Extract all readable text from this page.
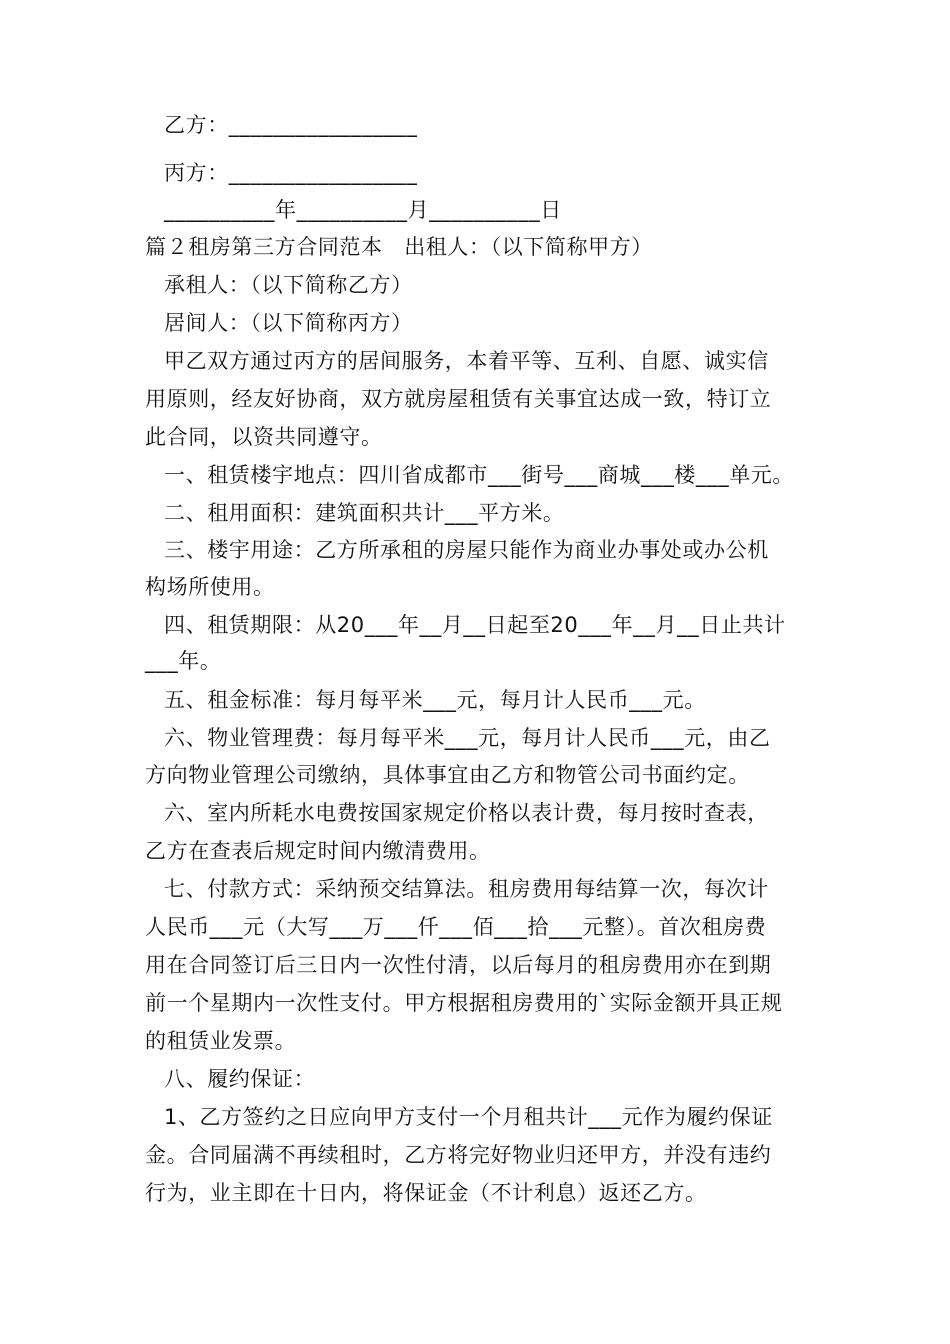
乙方：_________________
丙方：_________________
__________年__________月__________日
篇２租房第三方合同范本　出租人：（以下简称甲方）
承租人：（以下简称乙方）
居间人：（以下简称丙方）
甲乙双方通过丙方的居间服务，本着平等、互利、自愿、诚实信
用原则，经友好协商，双方就房屋租赁有关事宜达成一致，特订立
此合同，以资共同遵守。
一、租赁楼宇地点：四川省成都市___街号___商城___楼___单元。
二、租用面积：建筑面积共计___平方米。
三、楼宇用途：乙方所承租的房屋只能作为商业办事处或办公机
构场所使用。
四、租赁期限：从20___年__月__日起至20___年__月__日止共计
___年。
五、租金标准：每月每平米___元，每月计人民币___元。
六、物业管理费：每月每平米___元，每月计人民币___元，由乙
方向物业管理公司缴纳，具体事宜由乙方和物管公司书面约定。
六、室内所耗水电费按国家规定价格以表计费，每月按时查表，
乙方在查表后规定时间内缴清费用。
七、付款方式：采纳预交结算法。租房费用每结算一次，每次计
人民币___元（大写___万___仟___佰___拾___元整）。首次租房费
用在合同签订后三日内一次性付清，以后每月的租房费用亦在到期
前一个星期内一次性支付。甲方根据租房费用的`实际金额开具正规
的租赁业发票。
八、履约保证：
1、乙方签约之日应向甲方支付一个月租共计___元作为履约保证
金。合同届满不再续租时，乙方将完好物业归还甲方，并没有违约
行为，业主即在十日内，将保证金（不计利息）返还乙方。
